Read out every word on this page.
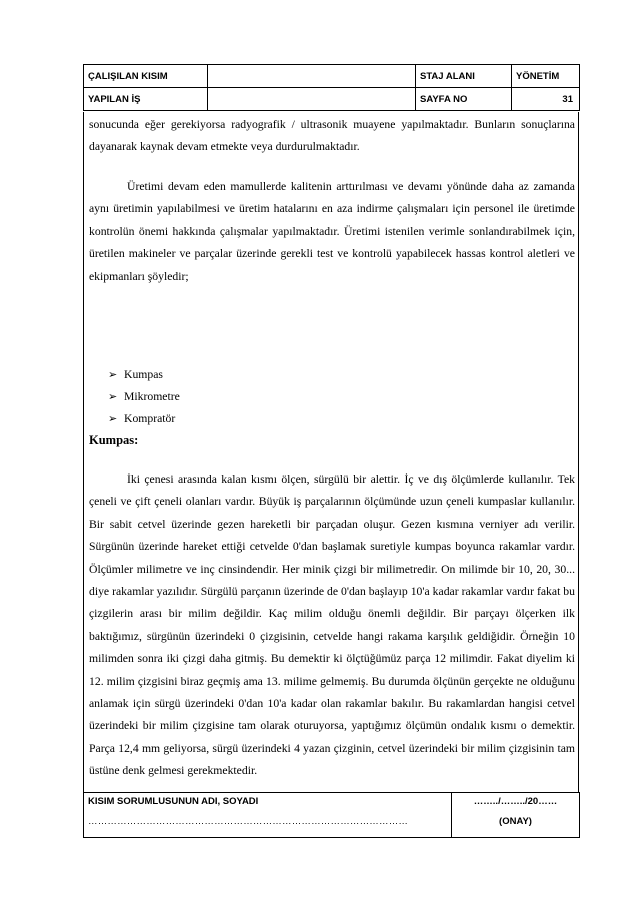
ÇALIŞILAN KISIM		STAJ ALANI	YÖNETİM
YAPILAN İŞ		SAYFA NO	31

sonucunda eğer gerekiyorsa radyografik / ultrasonik muayene yapılmaktadır. Bunların sonuçlarına dayanarak kaynak devam etmekte veya durdurulmaktadır.

Üretimi devam eden mamullerde kalitenin arttırılması ve devamı yönünde daha az zamanda aynı üretimin yapılabilmesi ve üretim hatalarını en aza indirme çalışmaları için personel ile üretimde kontrolün önemi hakkında çalışmalar yapılmaktadır. Üretimi istenilen verimle sonlandırabilmek için, üretilen makineler ve parçalar üzerinde gerekli test ve kontrolü yapabilecek hassas kontrol aletleri ve ekipmanları şöyledir;

➢ Kumpas
➢ Mikrometre
➢ Kompratör

Kumpas:

İki çenesi arasında kalan kısmı ölçen, sürgülü bir alettir. İç ve dış ölçümlerde kullanılır. Tek çeneli ve çift çeneli olanları vardır. Büyük iş parçalarının ölçümünde uzun çeneli kumpaslar kullanılır. Bir sabit cetvel üzerinde gezen hareketli bir parçadan oluşur. Gezen kısmına verniyer adı verilir. Sürgünün üzerinde hareket ettiği cetvelde 0'dan başlamak suretiyle kumpas boyunca rakamlar vardır. Ölçümler milimetre ve inç cinsindendir. Her minik çizgi bir milimetredir. On milimde bir 10, 20, 30... diye rakamlar yazılıdır. Sürgülü parçanın üzerinde de 0'dan başlayıp 10'a kadar rakamlar vardır fakat bu çizgilerin arası bir milim değildir. Kaç milim olduğu önemli değildir. Bir parçayı ölçerken ilk baktığımız, sürgünün üzerindeki 0 çizgisinin, cetvelde hangi rakama karşılık geldiğidir. Örneğin 10 milimden sonra iki çizgi daha gitmiş. Bu demektir ki ölçtüğümüz parça 12 milimdir. Fakat diyelim ki 12. milim çizgisini biraz geçmiş ama 13. milime gelmemiş. Bu durumda ölçünün gerçekte ne olduğunu anlamak için sürgü üzerindeki 0'dan 10'a kadar olan rakamlar bakılır. Bu rakamlardan hangisi cetvel üzerindeki bir milim çizgisine tam olarak oturuyorsa, yaptığımız ölçümün ondalık kısmı o demektir. Parça 12,4 mm geliyorsa, sürgü üzerindeki 4 yazan çizginin, cetvel üzerindeki bir milim çizgisinin tam üstüne denk gelmesi gerekmektedir.

KISIM SORUMLUSUNUN ADI, SOYADI
………………………………………………………………………………………

……../……../20……
(ONAY)
